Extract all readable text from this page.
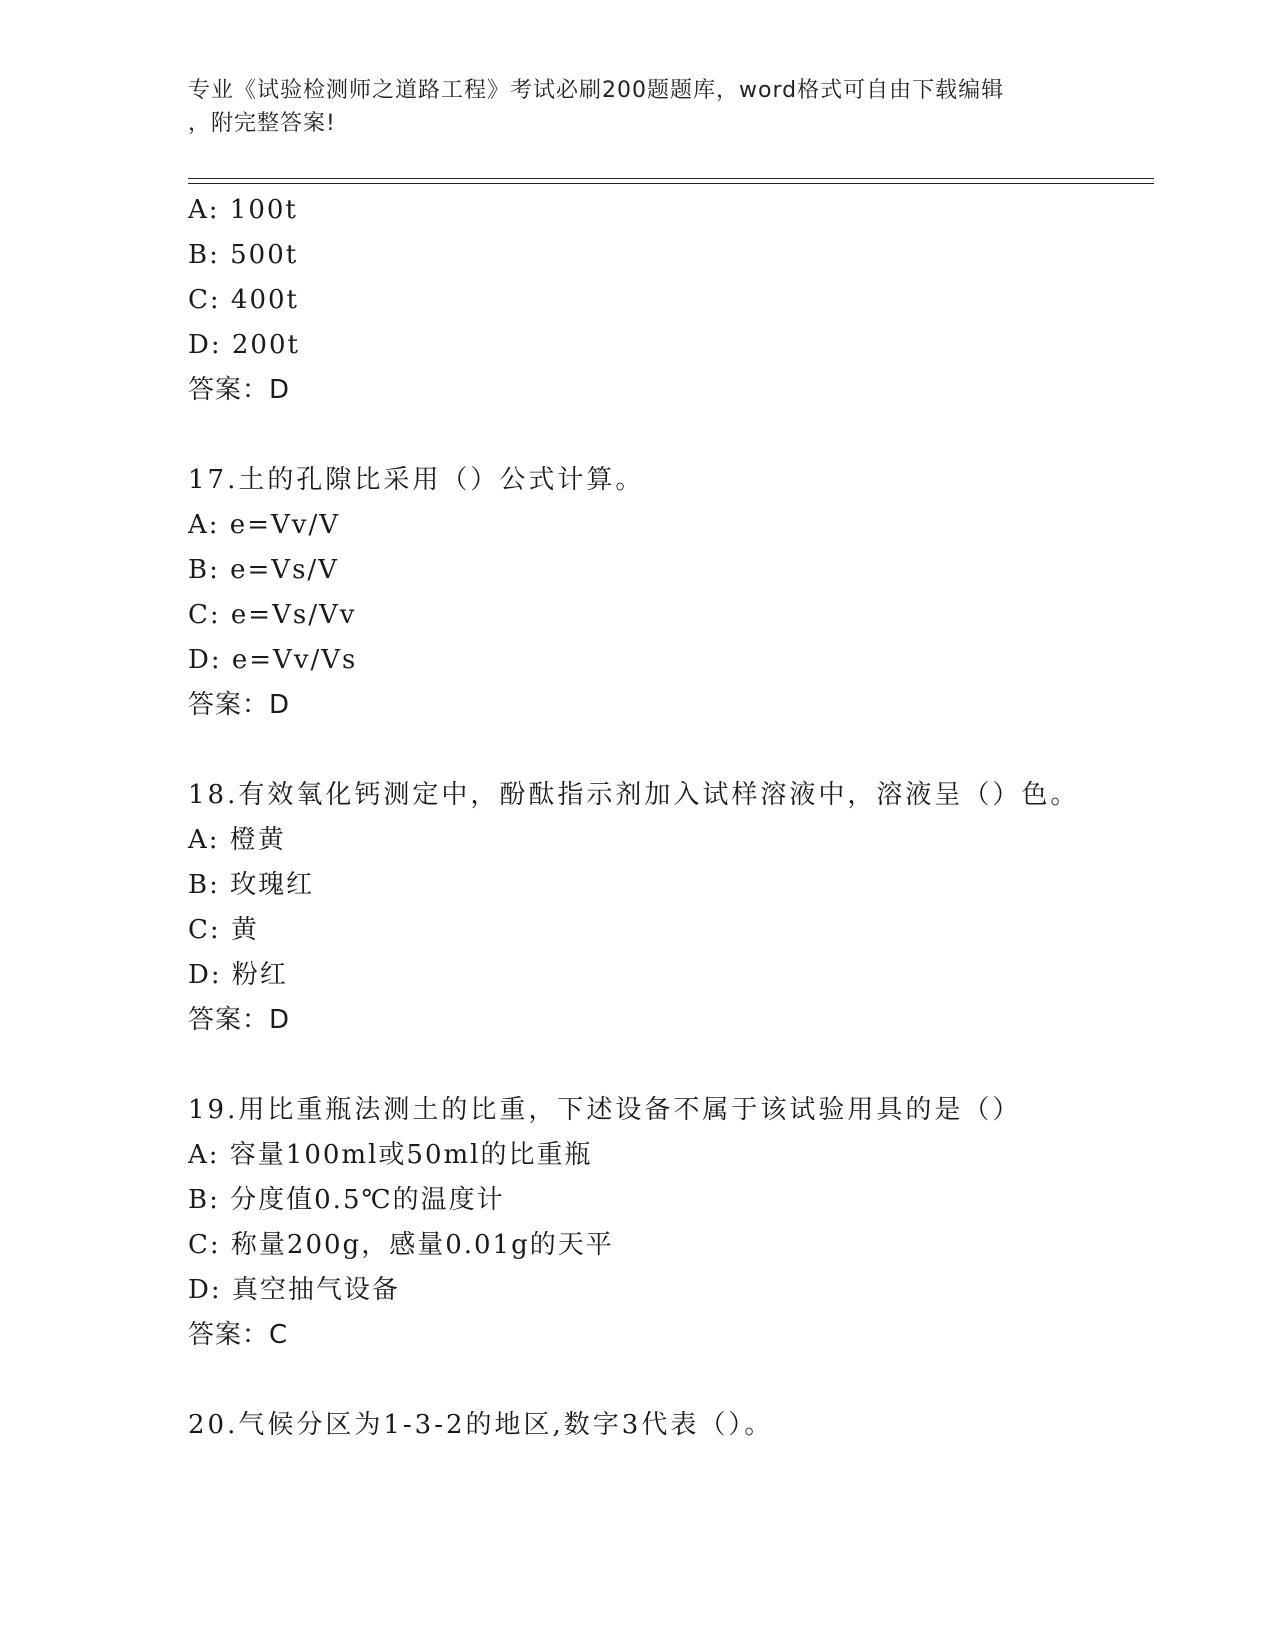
专业《试验检测师之道路工程》考试必刷200题题库，word格式可自由下载编辑
，附完整答案!
A: 100t
B: 500t
C: 400t
D: 200t
答案：D
17.土的孔隙比采用（）公式计算。
A: e=Vv/V
B: e=Vs/V
C: e=Vs/Vv
D: e=Vv/Vs
答案：D
18.有效氧化钙测定中，酚酞指示剂加入试样溶液中，溶液呈（）色。
A: 橙黄
B: 玫瑰红
C: 黄
D: 粉红
答案：D
19.用比重瓶法测土的比重，下述设备不属于该试验用具的是（）
A: 容量100ml或50ml的比重瓶
B: 分度值0.5℃的温度计
C: 称量200g，感量0.01g的天平
D: 真空抽气设备
答案：C
20.气候分区为1-3-2的地区,数字3代表（）。
